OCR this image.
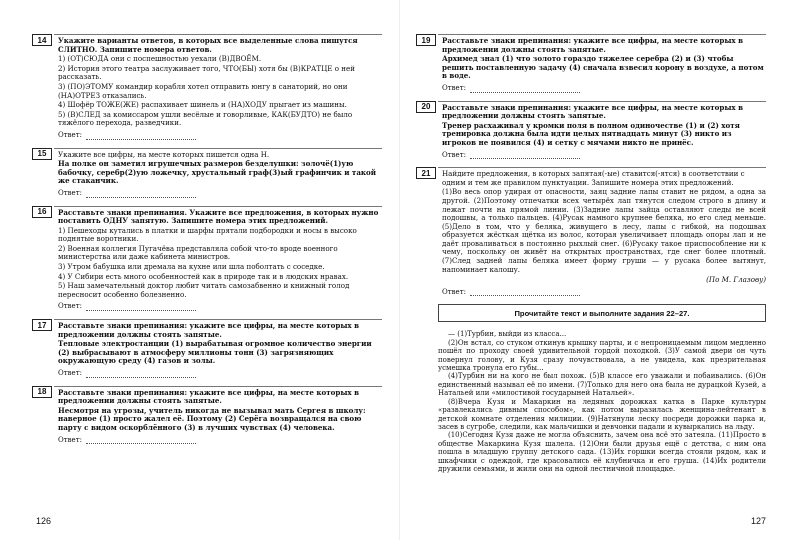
14	Укажите варианты ответов, в которых все выделенные слова пишутся СЛИТНО. Запишите номера ответов.
1) (ОТ)СЮДА они с поспешностью уехали (В)ДВОЁМ.
2) История этого театра заслуживает того, ЧТО(БЫ) хотя бы (В)КРАТЦЕ о ней рассказать.
3) (ПО)ЭТОМУ командир корабля хотел отправить юнгу в санаторий, но они (НА)ОТРЕЗ отказались.
4) Шофёр ТОЖЕ(ЖЕ) распахивает шинель и (НА)ХОДУ прыгает из машины.
5) (В)СЛЕД за комиссаром ушли весёлые и говорливые, КАК(БУДТО) не было тяжёлого перехода, разведчики.
Ответ:
15	Укажите все цифры, на месте которых пишется одна Н.
На полке он заметил игрушечных размеров безделушки: золочё(1)ую бабочку, серебр(2)ую ложечку, хрустальный граф(3)ый графинчик и такой же стаканчик.
Ответ:
16	Расставьте знаки препинания. Укажите все предложения, в которых нужно поставить ОДНУ запятую. Запишите номера этих предложений.
1) Пешеходы кутались в платки и шарфы прятали подбородки и носы в высоко поднятые воротники.
2) Военная коллегия Пугачёва представляла собой что-то вроде военного министерства или даже кабинета министров.
3) Утром бабушка или дремала на кухне или шла поболтать с соседке.
4) У Сибири есть много особенностей как в природе так и в людских нравах.
5) Наш замечательный доктор любит читать самозабвенно и книжный голод пересносит особенно болезненно.
Ответ:
17	Расставьте знаки препинания: укажите все цифры, на месте которых в предложении должны стоять запятые.
Тепловые электростанции (1) вырабатывая огромное количество энергии (2) выбрасывают в атмосферу миллионы тонн (3) загрязняющих окружающую среду (4) газов и золы.
Ответ:
18	Расставьте знаки препинания: укажите все цифры, на месте которых в предложении должны стоять запятые.
Несмотря на угрозы, учитель никогда не вызывал мать Сергея в школу: наверное (1) просто жалел её. Поэтому (2) Серёга возвращался на свою парту с видом оскорблённого (3) в лучших чувствах (4) человека.
Ответ:
126
19	Расставьте знаки препинания: укажите все цифры, на месте которых в предложении должны стоять запятые.
Архимед знал (1) что золото гораздо тяжелее серебра (2) и (3) чтобы решить поставленную задачу (4) сначала взвесил корону в воздухе, а потом в воде.
Ответ:
20	Расставьте знаки препинания: укажите все цифры, на месте которых в предложении должны стоять запятые.
Тренер расхаживал у кромки поля в полном одиночестве (1) и (2) хотя тренировка должна была идти целых пятнадцать минут (3) никто из игроков не появился (4) и сетку с мячами никто не принёс.
Ответ:
21	Найдите предложения, в которых запятая(-ые) ставится(-ятся) в соответствии с одним и тем же правилом пунктуации. Запишите номера этих предложений.
(1)Во весь опор удирая от опасности, заяц задние лапы ставит не рядом, а одна за другой. (2)Поэтому отпечатки всех четырёх лап тянутся следом строго в длину и лежат почти на прямой линии. (3)Задние лапы зайца оставляют следы не всей подошвы, а только пальцев. (4)Русак намного крупнее беляка, но его след меньше. (5)Дело в том, что у беляка, живущего в лесу, лапы с гибкой, на подошвах образуется жёсткая щётка из волос, которая увеличивает площадь опоры лап и не даёт проваливаться в постоянно рыхлый снег. (6)Русаку такое приспособление ни к чему, поскольку он живёт на открытых пространствах, где снег более плотный. (7)След задней лапы беляка имеет форму груши — у русака более вытянут, напоминает калошу.
(По М. Глазову)
Ответ:
Прочитайте текст и выполните задания 22–27.

— (1)Турбин, выйди из класса...

(2)Он встал, со стуком откинув крышку парты, и с непроницаемым лицом медленно пошёл по проходу своей удивительной гордой походкой. (3)У самой двери он чуть повернул голову, и Кузя сразу почувствовала, а не увидела, как презрительная усмешка тронула его губы...

(4)Турбин ни на кого не был похож. (5)В классе его уважали и побаивались. (6)Он единственный называл её по имени. (7)Только для него она была не дурацкой Кузей, а Натальей или «милостивой государыней Натальей».

(8)Вчера Кузя и Макаркин на ледяных дорожках катка в Парке культуры «развлекались дивным способом», как потом выразилась женщина-лейтенант в детской комнате отделения милиции. (9)Натянули леску посреди дорожки парка и, засев в сугробе, следили, как мальчишки и девчонки падали и кувыркались на льду.

(10)Сегодня Кузя даже не могла объяснить, зачем она всё это затеяла. (11)Просто в обществе Макаркина Кузя шалела. (12)Они были друзья ещё с детства, с ним она пошла в младшую группу детского сада. (13)Их горшки всегда стояли рядом, как и шкафчики с одеждой, где красовались её клубничка и его груша. (14)Их родители дружили семьями, и жили они на одной лестничной площадке.

127
